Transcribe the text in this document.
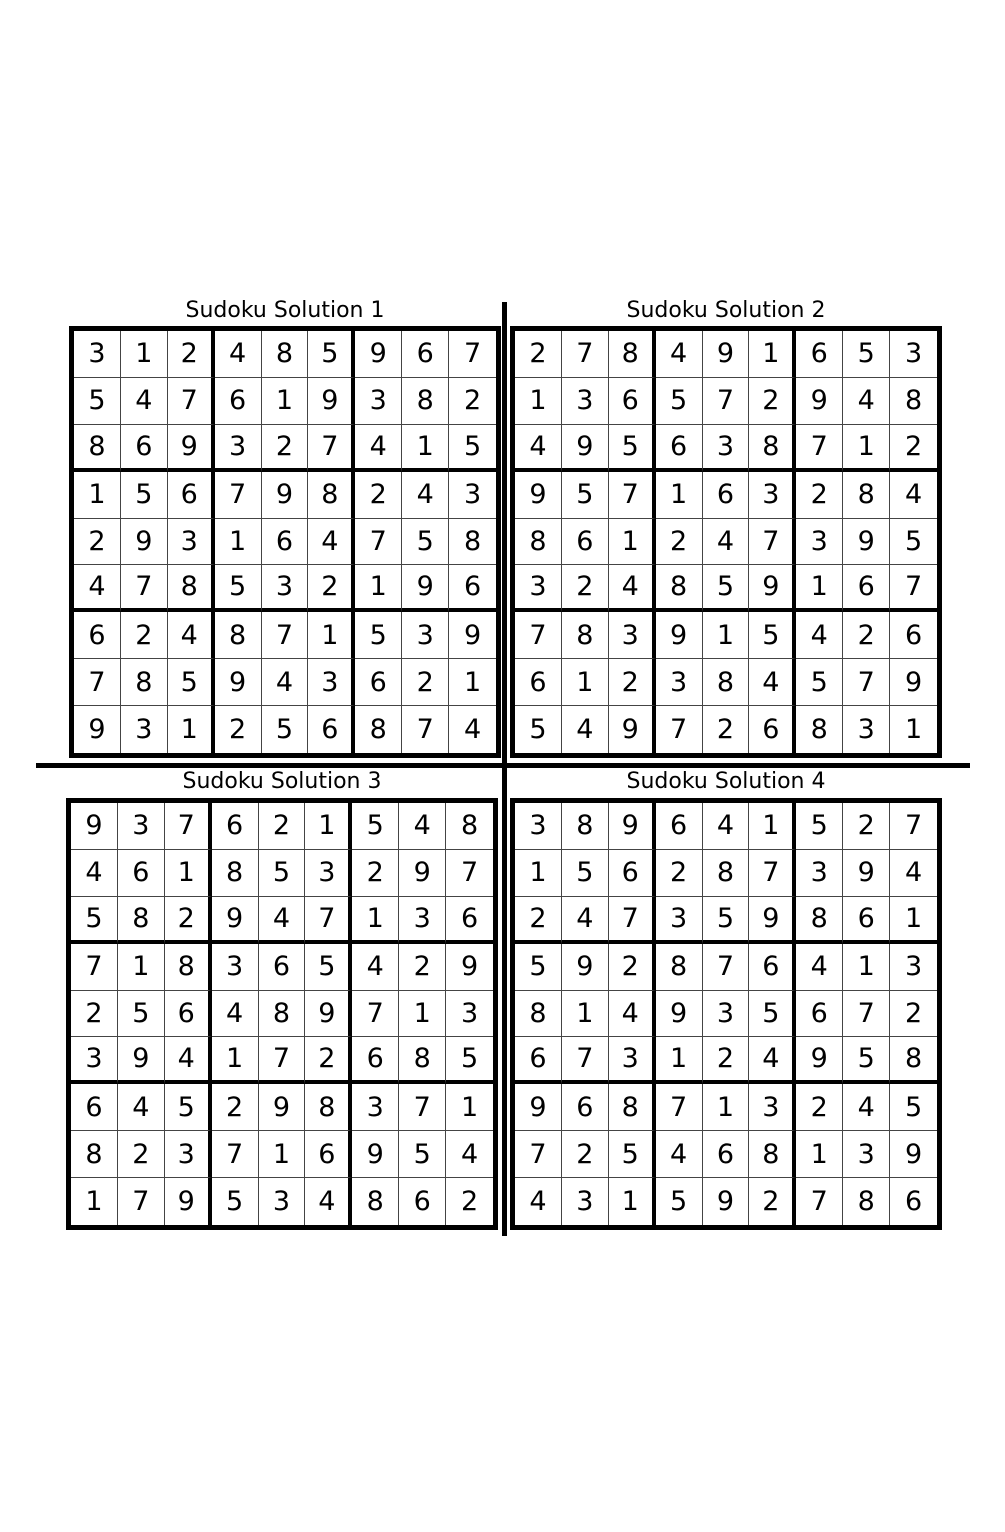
Sudoku Solution 1
3	1	2	4	8	5	9	6	7
5	4	7	6	1	9	3	8	2
8	6	9	3	2	7	4	1	5
1	5	6	7	9	8	2	4	3
2	9	3	1	6	4	7	5	8
4	7	8	5	3	2	1	9	6
6	2	4	8	7	1	5	3	9
7	8	5	9	4	3	6	2	1
9	3	1	2	5	6	8	7	4
Sudoku Solution 2
2	7	8	4	9	1	6	5	3
1	3	6	5	7	2	9	4	8
4	9	5	6	3	8	7	1	2
9	5	7	1	6	3	2	8	4
8	6	1	2	4	7	3	9	5
3	2	4	8	5	9	1	6	7
7	8	3	9	1	5	4	2	6
6	1	2	3	8	4	5	7	9
5	4	9	7	2	6	8	3	1
Sudoku Solution 3
9	3	7	6	2	1	5	4	8
4	6	1	8	5	3	2	9	7
5	8	2	9	4	7	1	3	6
7	1	8	3	6	5	4	2	9
2	5	6	4	8	9	7	1	3
3	9	4	1	7	2	6	8	5
6	4	5	2	9	8	3	7	1
8	2	3	7	1	6	9	5	4
1	7	9	5	3	4	8	6	2
Sudoku Solution 4
3	8	9	6	4	1	5	2	7
1	5	6	2	8	7	3	9	4
2	4	7	3	5	9	8	6	1
5	9	2	8	7	6	4	1	3
8	1	4	9	3	5	6	7	2
6	7	3	1	2	4	9	5	8
9	6	8	7	1	3	2	4	5
7	2	5	4	6	8	1	3	9
4	3	1	5	9	2	7	8	6
